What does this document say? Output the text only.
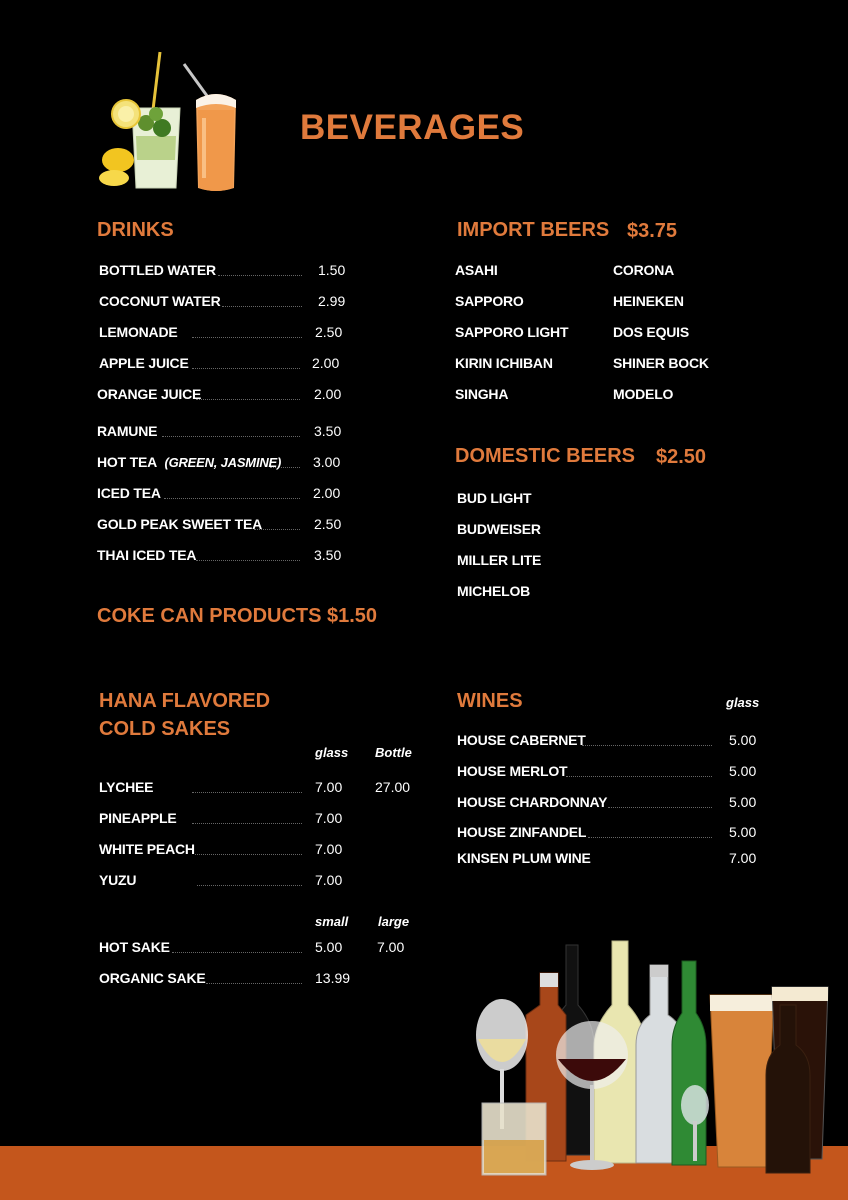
BEVERAGES
DRINKS
BOTTLED WATER	1.50
COCONUT WATER	2.99
LEMONADE	2.50
APPLE JUICE	2.00
ORANGE JUICE	2.00
RAMUNE	3.50
HOT TEA (GREEN, JASMINE) 3.00
ICED TEA	2.00
GOLD PEAK SWEET TEA	2.50
THAI ICED TEA	3.50
COKE CAN PRODUCTS $1.50
IMPORT BEERS $3.75
ASAHI
SAPPORO
SAPPORO LIGHT
KIRIN ICHIBAN
SINGHA
CORONA
HEINEKEN
DOS EQUIS
SHINER BOCK
MODELO
DOMESTIC BEERS $2.50
BUD LIGHT
BUDWEISER
MILLER LITE
MICHELOB
HANA FLAVORED
COLD SAKES
glass Bottle
LYCHEE	7.00 27.00
PINEAPPLE	7.00
WHITE PEACH	7.00
YUZU	7.00
small large
HOT SAKE	5.00 7.00
ORGANIC SAKE	13.99
WINES	glass
HOUSE CABERNET	5.00
HOUSE MERLOT	5.00
HOUSE CHARDONNAY	5.00
HOUSE ZINFANDEL	5.00
KINSEN PLUM WINE	7.00
